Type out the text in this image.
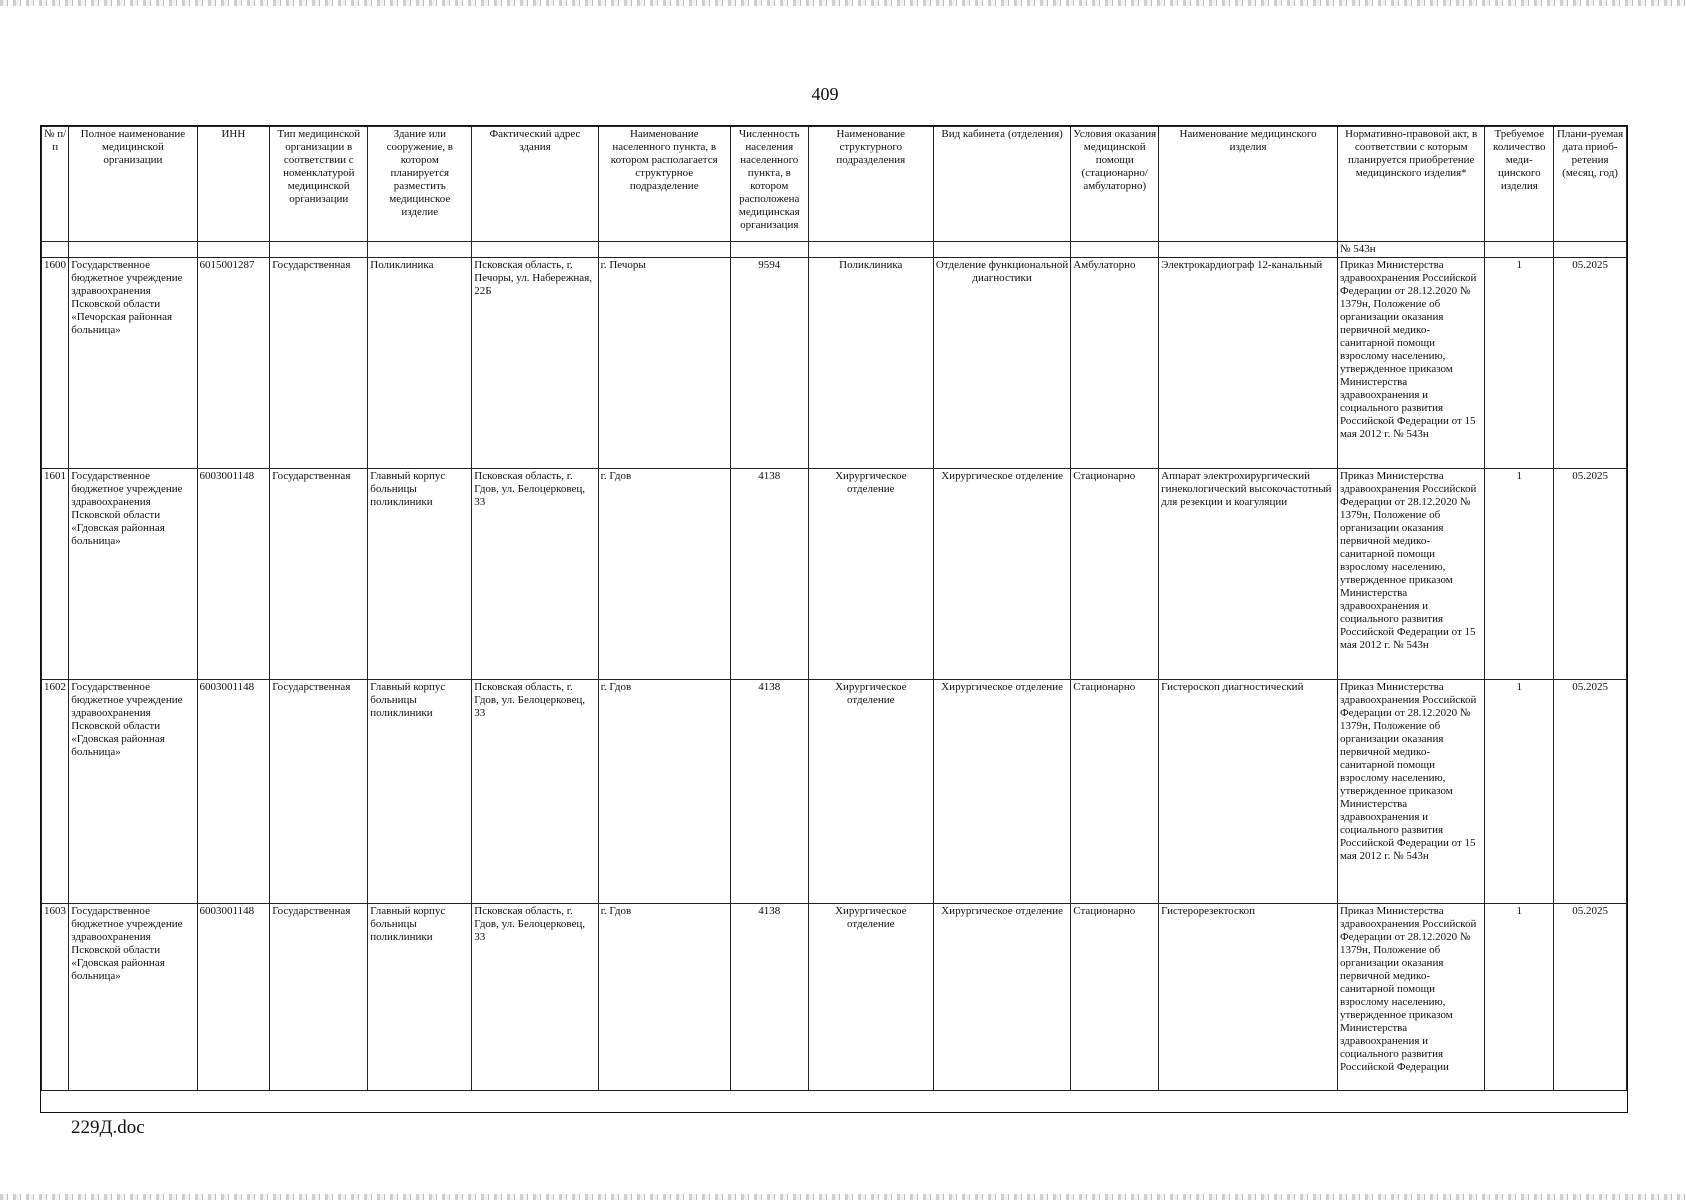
409
№ п/п	Полное наименование медицинской организации	ИНН	Тип медицинской организации в соответствии с номенклатурой медицинской организации	Здание или сооружение, в котором планируется разместить медицинское изделие	Фактический адрес здания	Наименование населенного пункта, в котором располагается структурное подразделение	Численность населения населенного пункта, в котором расположена медицинская организация	Наименование структурного подразделения	Вид кабинета (отделения)	Условия оказания медицинской помощи (стационарно/ амбулаторно)	Наименование медицинского изделия	Нормативно-правовой акт, в соответствии с которым планируется приобретение медицинского изделия*	Требуемое количество меди-цинского изделия	Плани-руемая дата приоб-ретения (месяц, год)
												№ 543н		
1600	Государственное бюджетное учреждение здравоохранения Псковской области «Печорская районная больница»	6015001287	Государственная	Поликлиника	Псковская область, г. Печоры, ул. Набережная, 22Б	г. Печоры	9594	Поликлиника	Отделение функциональной диагностики	Амбулаторно	Электрокардиограф 12-канальный	Приказ Министерства здравоохранения Российской Федерации от 28.12.2020 № 1379н, Положение об организации оказания первичной медико-санитарной помощи взрослому населению, утвержденное приказом Министерства здравоохранения и социального развития Российской Федерации от 15 мая 2012 г. № 543н	1	05.2025
1601	Государственное бюджетное учреждение здравоохранения Псковской области «Гдовская районная больница»	6003001148	Государственная	Главный корпус больницы поликлиники	Псковская область, г. Гдов, ул. Белоцерковец, 33	г. Гдов	4138	Хирургическое отделение	Хирургическое отделение	Стационарно	Аппарат электрохирургический гинекологический высокочастотный для резекции и коагуляции	Приказ Министерства здравоохранения Российской Федерации от 28.12.2020 № 1379н, Положение об организации оказания первичной медико-санитарной помощи взрослому населению, утвержденное приказом Министерства здравоохранения и социального развития Российской Федерации от 15 мая 2012 г. № 543н	1	05.2025
1602	Государственное бюджетное учреждение здравоохранения Псковской области «Гдовская районная больница»	6003001148	Государственная	Главный корпус больницы поликлиники	Псковская область, г. Гдов, ул. Белоцерковец, 33	г. Гдов	4138	Хирургическое отделение	Хирургическое отделение	Стационарно	Гистероскоп диагностический	Приказ Министерства здравоохранения Российской Федерации от 28.12.2020 № 1379н, Положение об организации оказания первичной медико-санитарной помощи взрослому населению, утвержденное приказом Министерства здравоохранения и социального развития Российской Федерации от 15 мая 2012 г. № 543н	1	05.2025
1603	Государственное бюджетное учреждение здравоохранения Псковской области «Гдовская районная больница»	6003001148	Государственная	Главный корпус больницы поликлиники	Псковская область, г. Гдов, ул. Белоцерковец, 33	г. Гдов	4138	Хирургическое отделение	Хирургическое отделение	Стационарно	Гистерорезектоскоп	Приказ Министерства здравоохранения Российской Федерации от 28.12.2020 № 1379н, Положение об организации оказания первичной медико-санитарной помощи взрослому населению, утвержденное приказом Министерства здравоохранения и социального развития Российской Федерации	1	05.2025
229Д.doc
